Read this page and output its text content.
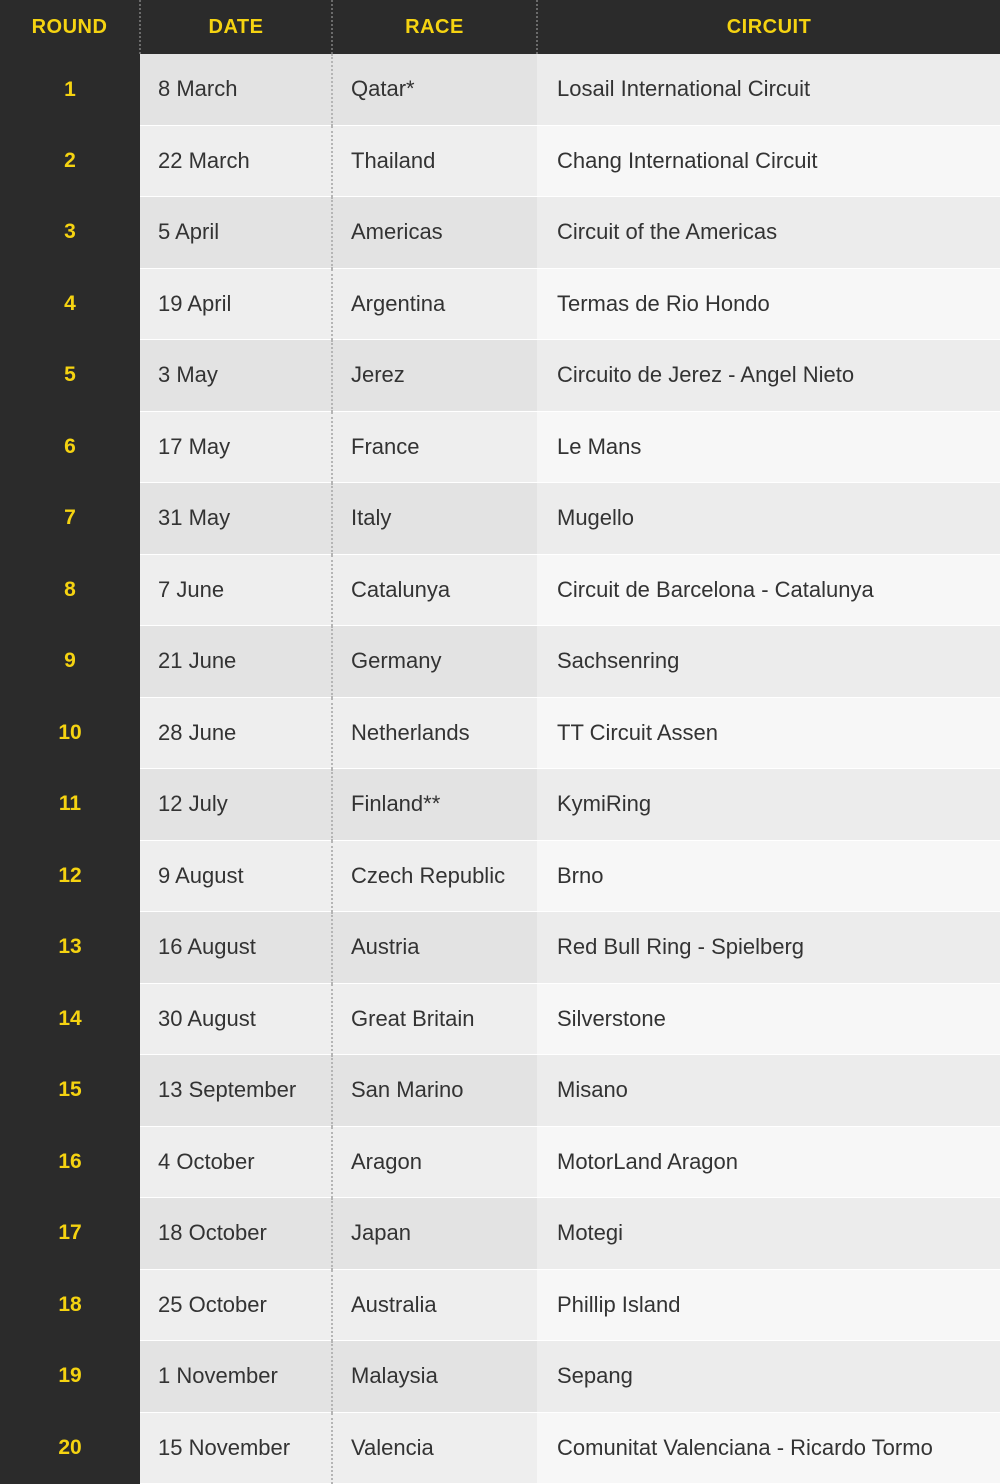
ROUND	DATE	RACE	CIRCUIT
1	8 March	Qatar*	Losail International Circuit
2	22 March	Thailand	Chang International Circuit
3	5 April	Americas	Circuit of the Americas
4	19 April	Argentina	Termas de Rio Hondo
5	3 May	Jerez	Circuito de Jerez - Angel Nieto
6	17 May	France	Le Mans
7	31 May	Italy	Mugello
8	7 June	Catalunya	Circuit de Barcelona - Catalunya
9	21 June	Germany	Sachsenring
10	28 June	Netherlands	TT Circuit Assen
11	12 July	Finland**	KymiRing
12	9 August	Czech Republic	Brno
13	16 August	Austria	Red Bull Ring - Spielberg
14	30 August	Great Britain	Silverstone
15	13 September	San Marino	Misano
16	4 October	Aragon	MotorLand Aragon
17	18 October	Japan	Motegi
18	25 October	Australia	Phillip Island
19	1 November	Malaysia	Sepang
20	15 November	Valencia	Comunitat Valenciana - Ricardo Tormo
